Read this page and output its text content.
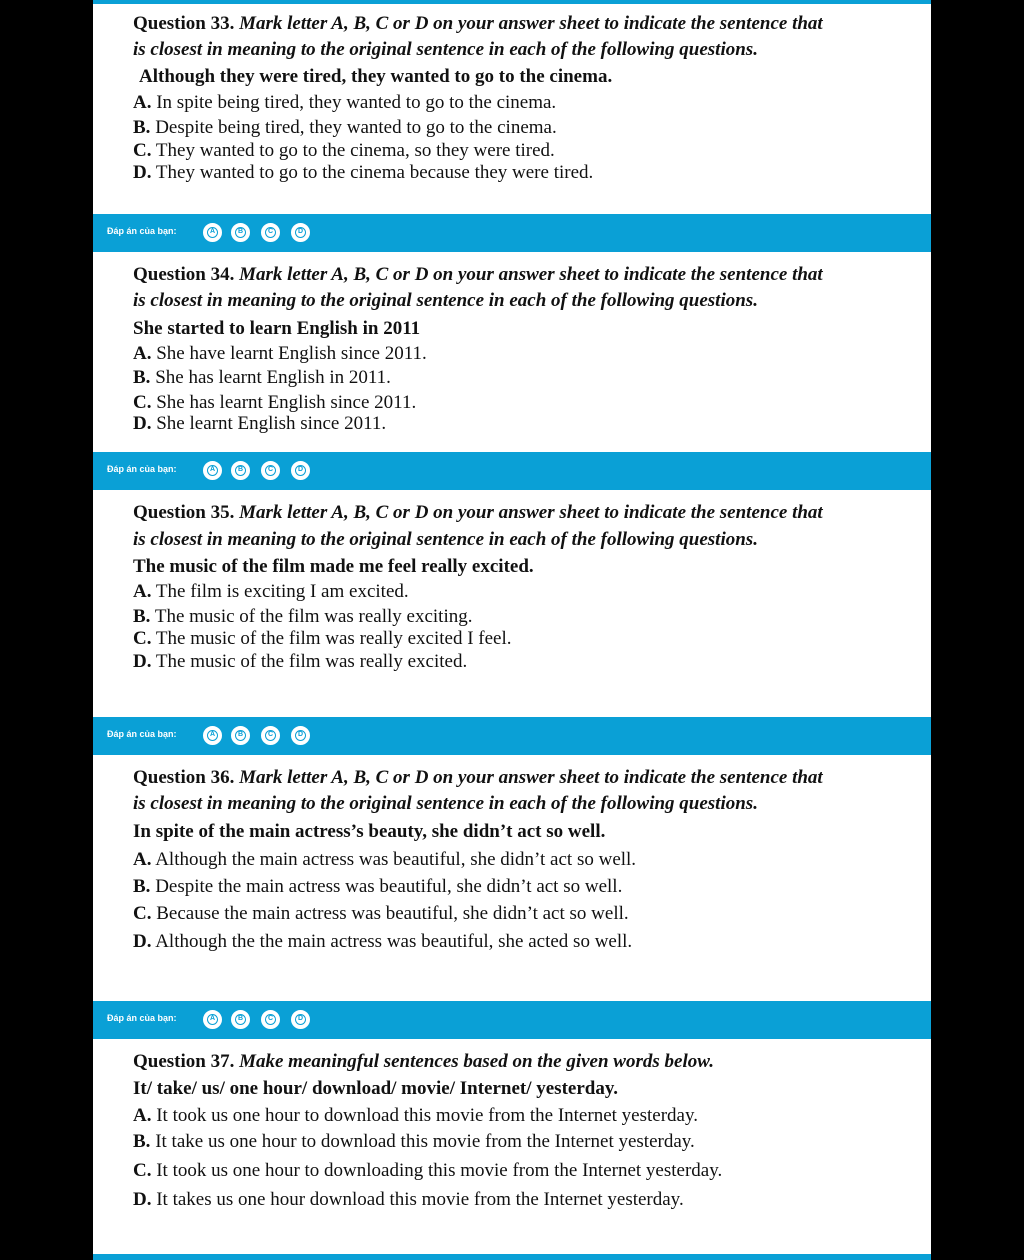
Question 33. Mark letter A, B, C or D on your answer sheet to indicate the sentence that
is closest in meaning to the original sentence in each of the following questions.
Although they were tired, they wanted to go to the cinema.
A. In spite being tired, they wanted to go to the cinema.
B. Despite being tired, they wanted to go to the cinema.
C. They wanted to go to the cinema, so they were tired.
D. They wanted to go to the cinema because they were tired.
Đáp án của bạn:	A	B	C	D
Question 34. Mark letter A, B, C or D on your answer sheet to indicate the sentence that
is closest in meaning to the original sentence in each of the following questions.
She started to learn English in 2011
A. She have learnt English since 2011.
B. She has learnt English in 2011.
C. She has learnt English since 2011.
D. She learnt English since 2011.
Đáp án của bạn:	A	B	C	D
Question 35. Mark letter A, B, C or D on your answer sheet to indicate the sentence that
is closest in meaning to the original sentence in each of the following questions.
The music of the film made me feel really excited.
A. The film is exciting I am excited.
B. The music of the film was really exciting.
C. The music of the film was really excited I feel.
D. The music of the film was really excited.
Đáp án của bạn:	A	B	C	D
Question 36. Mark letter A, B, C or D on your answer sheet to indicate the sentence that
is closest in meaning to the original sentence in each of the following questions.
In spite of the main actress’s beauty, she didn’t act so well.
A. Although the main actress was beautiful, she didn’t act so well.
B. Despite the main actress was beautiful, she didn’t act so well.
C. Because the main actress was beautiful, she didn’t act so well.
D. Although the the main actress was beautiful, she acted so well.
Đáp án của bạn:	A	B	C	D
Question 37. Make meaningful sentences based on the given words below.
It/ take/ us/ one hour/ download/ movie/ Internet/ yesterday.
A. It took us one hour to download this movie from the Internet yesterday.
B. It take us one hour to download this movie from the Internet yesterday.
C. It took us one hour to downloading this movie from the Internet yesterday.
D. It takes us one hour download this movie from the Internet yesterday.
